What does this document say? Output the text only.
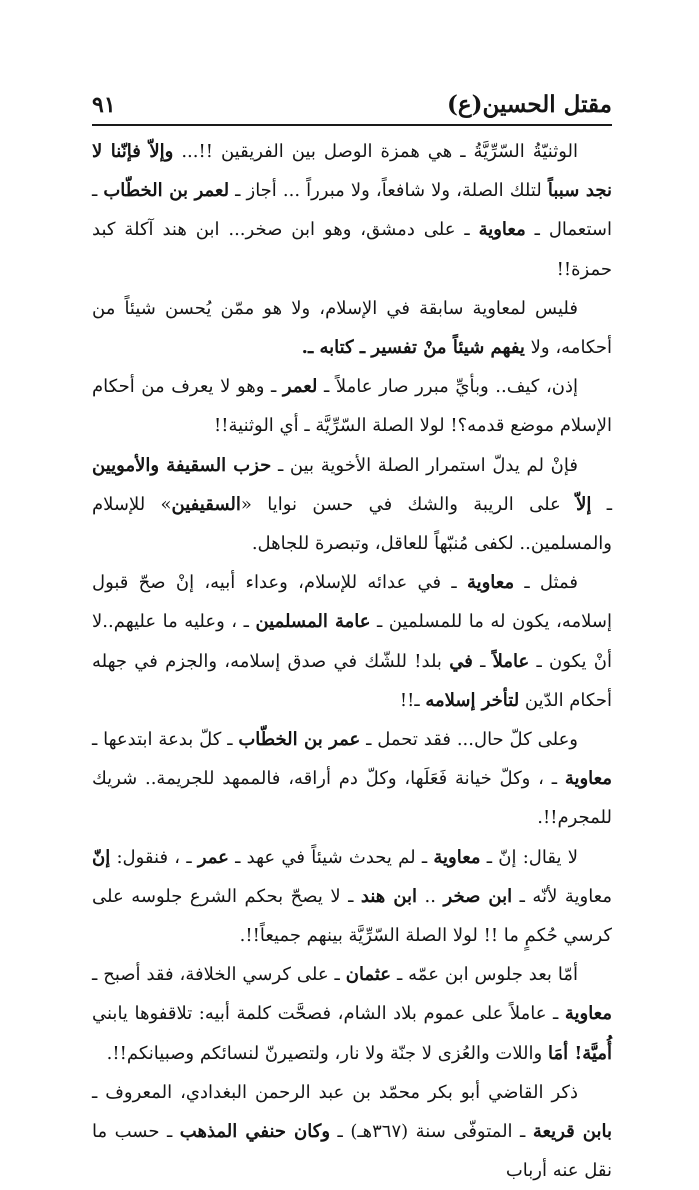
٩١	مقتل الحسين(ع)

الوثنيّةُ السّرِّيَّةُ ـ هي همزة الوصل بين الفريقين !!... وإلاّ فإنّنا لا نجد سبباً لتلك الصلة، ولا شافعاً، ولا مبرراً ... أجاز ـ لعمر بن الخطّاب ـ استعمال ـ معاوية ـ على دمشق، وهو ابن صخر... ابن هند آكلة كبد حمزة!!

فليس لمعاوية سابقة في الإسلام، ولا هو ممّن يُحسن شيئاً من أحكامه، ولا يفهم شيئاً منْ تفسير ـ كتابه ـ.

إذن، كيف.. وبأيِّ مبرر صار عاملاً ـ لعمر ـ وهو لا يعرف من أحكام الإسلام موضع قدمه؟! لولا الصلة السّرِّيَّة ـ أي الوثنية!!

فإنْ لم يدلّ استمرار الصلة الأخوية بين ـ حزب السقيفة والأمويين ـ إلاّ على الريبة والشك في حسن نوايا «السقيفين» للإسلام والمسلمين.. لكفى مُنبّهاً للعاقل، وتبصرة للجاهل.

فمثل ـ معاوية ـ في عدائه للإسلام، وعداء أبيه، إنْ صحّ قبول إسلامه، يكون له ما للمسلمين ـ عامة المسلمين ـ ، وعليه ما عليهم..لا أنْ يكون ـ عاملاً ـ في بلد! للشّك في صدق إسلامه، والجزم في جهله أحكام الدّين لتأخر إسلامه ـ!!

وعلى كلّ حال... فقد تحمل ـ عمر بن الخطّاب ـ كلّ بدعة ابتدعها ـ معاوية ـ ، وكلّ خيانة فَعَلَها، وكلّ دم أراقه، فالممهد للجريمة.. شريك للمجرم!!.

لا يقال: إنّ ـ معاوية ـ لم يحدث شيئاً في عهد ـ عمر ـ ، فنقول: إنّ معاوية لأنّه ـ ابن صخر .. ابن هند ـ لا يصحّ بحكم الشرع جلوسه على كرسي حُكمٍ ما !! لولا الصلة السّرِّيَّة بينهم جميعاً!!.

أمّا بعد جلوس ابن عمّه ـ عثمان ـ على كرسي الخلافة، فقد أصبح ـ معاوية ـ عاملاً على عموم بلاد الشام، فصحَّت كلمة أبيه: تلاقفوها يابني أُميَّة! أمَا واللات والعُزى لا جنّة ولا نار، ولتصيرنّ لنسائكم وصبيانكم!!.

ذكر القاضي أبو بكر محمّد بن عبد الرحمن البغدادي، المعروف ـ بابن قريعة ـ المتوفّى سنة (٣٦٧هـ) ـ وكان حنفي المذهب ـ حسب ما نقل عنه أرباب
